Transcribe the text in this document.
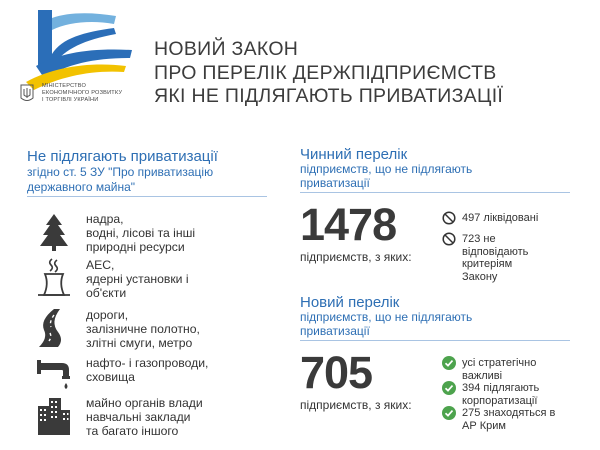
МІНІСТЕРСТВО
ЕКОНОМІЧНОГО РОЗВИТКУ
І ТОРГІВЛІ УКРАЇНИ
НОВИЙ ЗАКОН
ПРО ПЕРЕЛІК ДЕРЖПІДПРИЄМСТВ
ЯКІ НЕ ПІДЛЯГАЮТЬ ПРИВАТИЗАЦІЇ
Не підлягають приватизації
згідно ст. 5 ЗУ "Про приватизацію
державного майна"
надра,
водні, лісові та інші
природні ресурси
АЕС,
ядерні установки і
об'єкти
дороги,
залізничне полотно,
злітні смуги, метро
нафто- і газопроводи,
сховища
майно органів влади
навчальні заклади
та багато іншого
Чинний перелік
підприємств, що не підлягають
приватизації
1478
підприємств, з яких:
497 ліквідовані
723 не
відповідають
критеріям
Закону
Новий перелік
підприємств, що не підлягають
приватизації
705
підприємств, з яких:
усі стратегічно
важливі
394 підлягають
корпоратизації
275 знаходяться в
АР Крим
